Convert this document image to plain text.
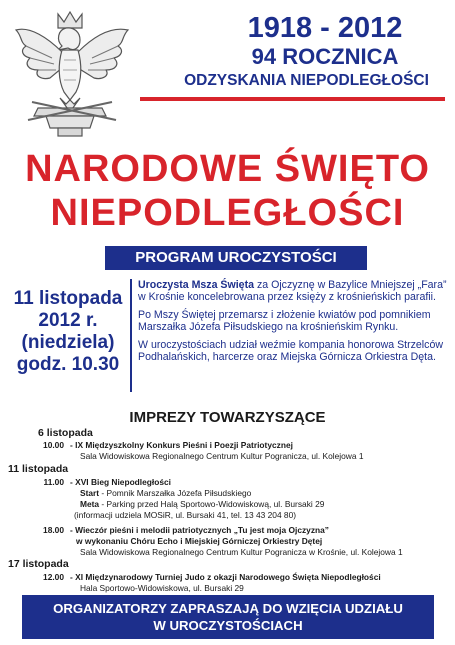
1918 - 2012
94 ROCZNICA
ODZYSKANIA NIEPODLEGŁOŚCI
NARODOWE ŚWIĘTO
NIEPODLEGŁOŚCI
PROGRAM UROCZYSTOŚCI
11 listopada
2012 r.
(niedziela)
godz. 10.30

Uroczysta Msza Święta za Ojczyznę w Bazylice Mniejszej „Fara” w Krośnie koncelebrowana przez księży z krośnieńskich parafii.

Po Mszy Świętej przemarsz i złożenie kwiatów pod pomnikiem Marszałka Józefa Piłsudskiego na krośnieńskim Rynku.

W uroczystościach udział weźmie kompania honorowa Strzelców Podhalańskich, harcerze oraz Miejska Górnicza Orkiestra Dęta.

IMPREZY TOWARZYSZĄCE
6 listopada
10.00 - IX Międzyszkolny Konkurs Pieśni i Poezji Patriotycznej
Sala Widowiskowa Regionalnego Centrum Kultur Pogranicza, ul. Kolejowa 1
11 listopada
11.00 - XVI Bieg Niepodległości
Start - Pomnik Marszałka Józefa Piłsudskiego
Meta - Parking przed Halą Sportowo-Widowiskową, ul. Bursaki 29
(informacji udziela MOSiR, ul. Bursaki 41, tel. 13 43 204 80)
18.00 - Wieczór pieśni i melodii patriotycznych „Tu jest moja Ojczyzna”
w wykonaniu Chóru Echo i Miejskiej Górniczej Orkiestry Dętej
Sala Widowiskowa Regionalnego Centrum Kultur Pogranicza w Krośnie, ul. Kolejowa 1
17 listopada
12.00 - XI Międzynarodowy Turniej Judo z okazji Narodowego Święta Niepodległości
Hala Sportowo-Widowiskowa, ul. Bursaki 29
ORGANIZATORZY ZAPRASZAJĄ DO WZIĘCIA UDZIAŁU
W UROCZYSTOŚCIACH
